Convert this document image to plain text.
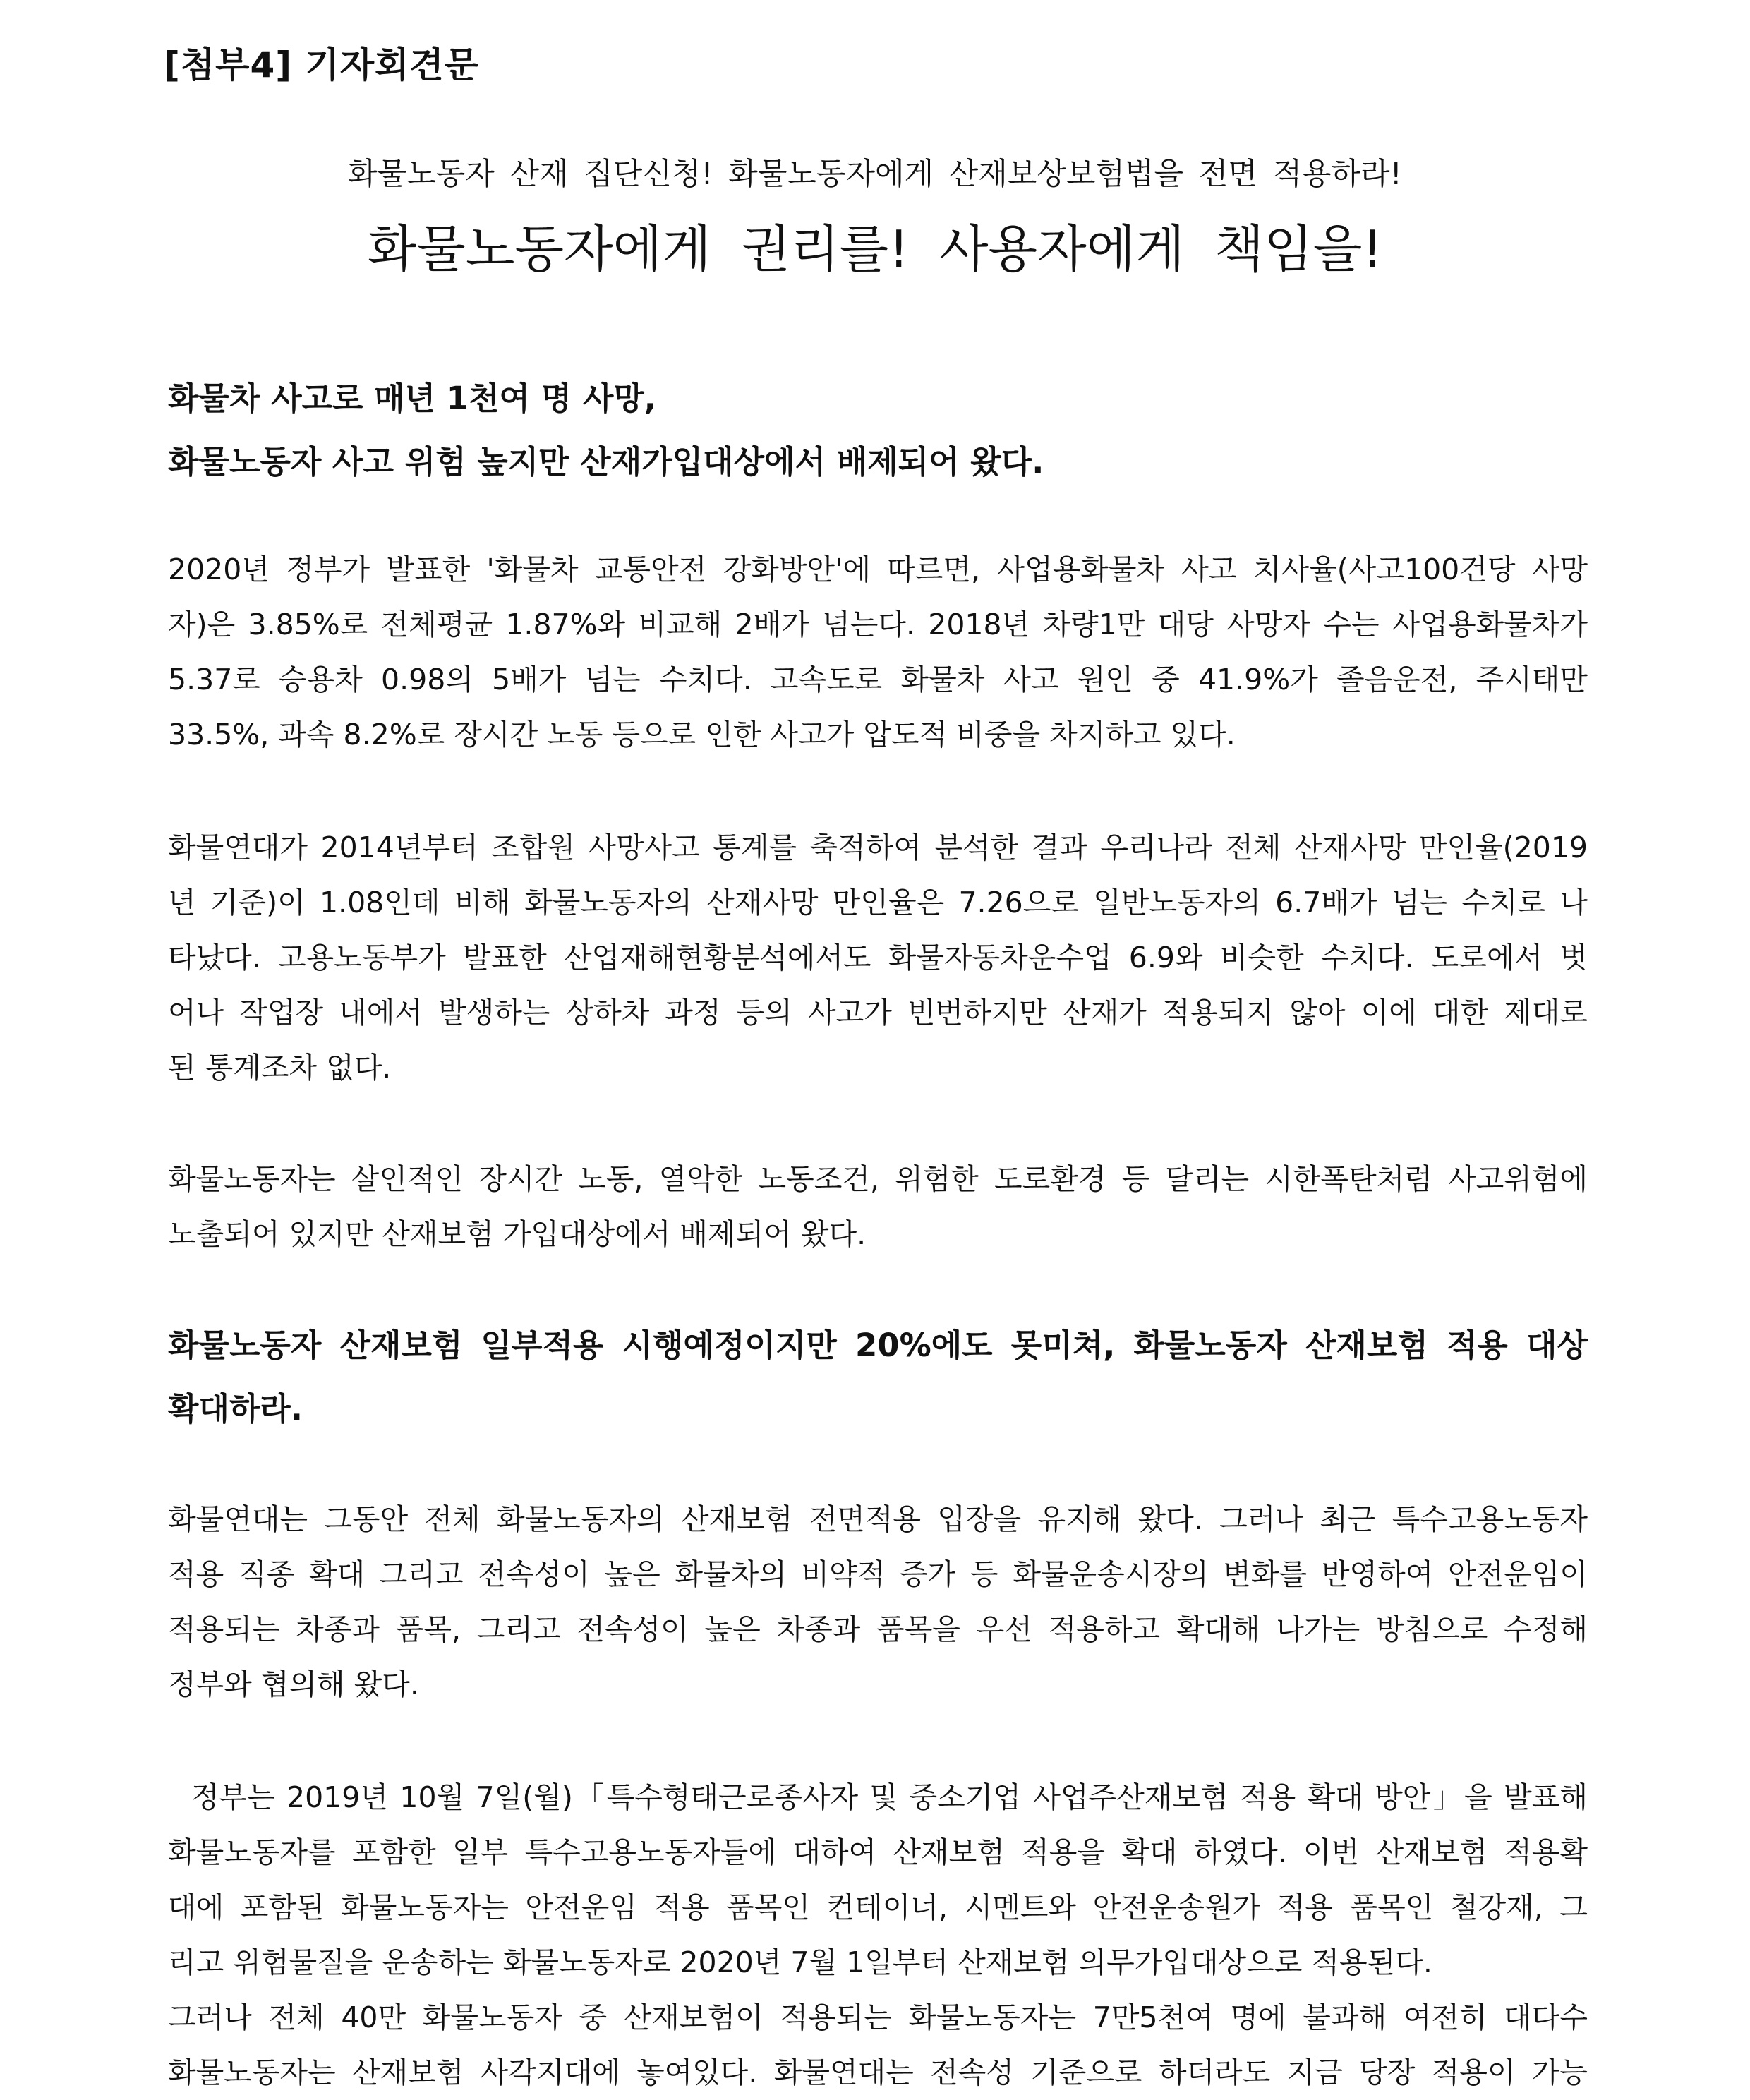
[첨부4] 기자회견문
화물노동자 산재 집단신청! 화물노동자에게 산재보상보험법을 전면 적용하라!
화물노동자에게 권리를! 사용자에게 책임을!
화물차 사고로 매년 1천여 명 사망,
화물노동자 사고 위험 높지만 산재가입대상에서 배제되어 왔다.
2020년 정부가 발표한 '화물차 교통안전 강화방안'에 따르면, 사업용화물차 사고 치사율(사고100건당 사망
자)은 3.85%로 전체평균 1.87%와 비교해 2배가 넘는다. 2018년 차량1만 대당 사망자 수는 사업용화물차가
5.37로 승용차 0.98의 5배가 넘는 수치다. 고속도로 화물차 사고 원인 중 41.9%가 졸음운전, 주시태만
33.5%, 과속 8.2%로 장시간 노동 등으로 인한 사고가 압도적 비중을 차지하고 있다.
화물연대가 2014년부터 조합원 사망사고 통계를 축적하여 분석한 결과 우리나라 전체 산재사망 만인율(2019
년 기준)이 1.08인데 비해 화물노동자의 산재사망 만인율은 7.26으로 일반노동자의 6.7배가 넘는 수치로 나
타났다. 고용노동부가 발표한 산업재해현황분석에서도 화물자동차운수업 6.9와 비슷한 수치다. 도로에서 벗
어나 작업장 내에서 발생하는 상하차 과정 등의 사고가 빈번하지만 산재가 적용되지 않아 이에 대한 제대로
된 통계조차 없다.
화물노동자는 살인적인 장시간 노동, 열악한 노동조건, 위험한 도로환경 등 달리는 시한폭탄처럼 사고위험에
노출되어 있지만 산재보험 가입대상에서 배제되어 왔다.
화물노동자 산재보험 일부적용 시행예정이지만 20%에도 못미쳐, 화물노동자 산재보험 적용 대상
확대하라.
화물연대는 그동안 전체 화물노동자의 산재보험 전면적용 입장을 유지해 왔다. 그러나 최근 특수고용노동자
적용 직종 확대 그리고 전속성이 높은 화물차의 비약적 증가 등 화물운송시장의 변화를 반영하여 안전운임이
적용되는 차종과 품목, 그리고 전속성이 높은 차종과 품목을 우선 적용하고 확대해 나가는 방침으로 수정해
정부와 협의해 왔다.
정부는 2019년 10월 7일(월)「특수형태근로종사자 및 중소기업 사업주산재보험 적용 확대 방안」을 발표해
화물노동자를 포함한 일부 특수고용노동자들에 대하여 산재보험 적용을 확대 하였다. 이번 산재보험 적용확
대에 포함된 화물노동자는 안전운임 적용 품목인 컨테이너, 시멘트와 안전운송원가 적용 품목인 철강재, 그
리고 위험물질을 운송하는 화물노동자로 2020년 7월 1일부터 산재보험 의무가입대상으로 적용된다.
그러나 전체 40만 화물노동자 중 산재보험이 적용되는 화물노동자는 7만5천여 명에 불과해 여전히 대다수
화물노동자는 산재보험 사각지대에 놓여있다. 화물연대는 전속성 기준으로 하더라도 지금 당장 적용이 가능
